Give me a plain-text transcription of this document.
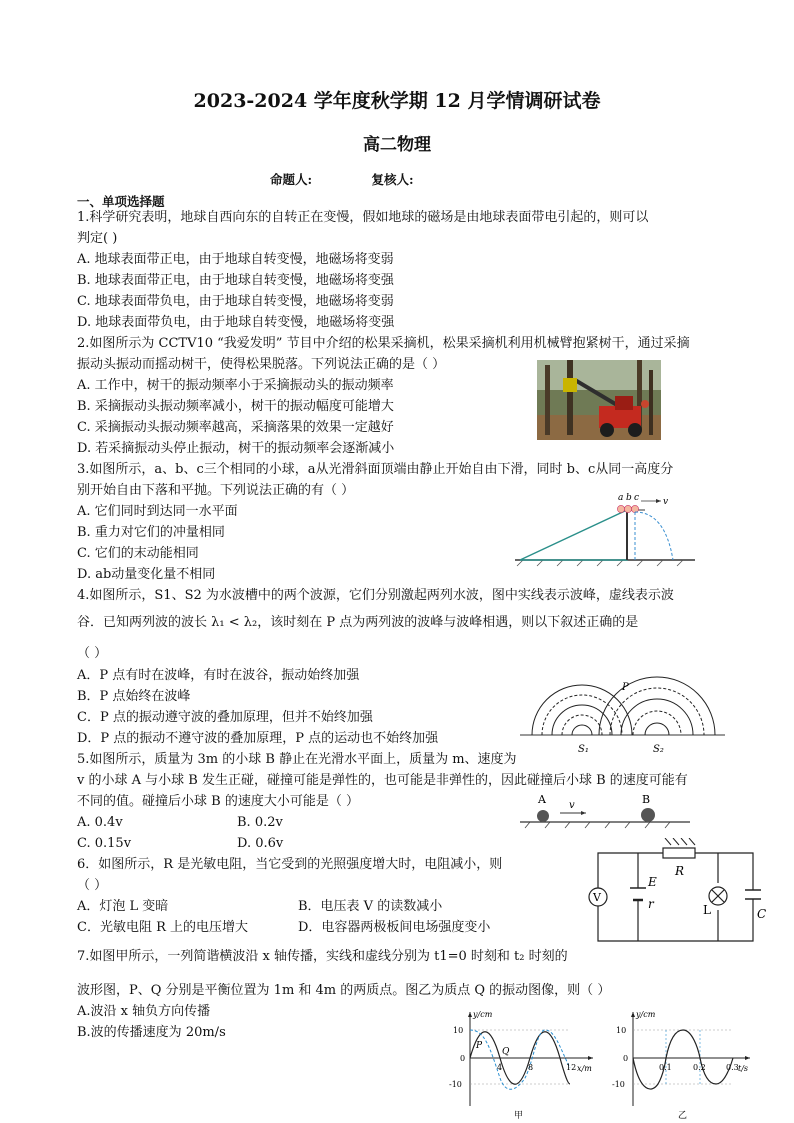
2023-2024 学年度秋学期 12 月学情调研试卷
高二物理
命题人:	复核人:
一、单项选择题
1.科学研究表明，地球自西向东的自转正在变慢，假如地球的磁场是由地球表面带电引起的，则可以
判定( )
A. 地球表面带正电，由于地球自转变慢，地磁场将变弱
B. 地球表面带正电，由于地球自转变慢，地磁场将变强
C. 地球表面带负电，由于地球自转变慢，地磁场将变弱
D. 地球表面带负电，由于地球自转变慢，地磁场将变强
2.如图所示为 CCTV10 “我爱发明” 节目中介绍的松果采摘机，松果采摘机利用机械臂抱紧树干，通过采摘
振动头振动而摇动树干，使得松果脱落。下列说法正确的是（ ）
A. 工作中，树干的振动频率小于采摘振动头的振动频率
B. 采摘振动头振动频率减小，树干的振动幅度可能增大
C. 采摘振动头振动频率越高，采摘落果的效果一定越好
D. 若采摘振动头停止振动，树干的振动频率会逐渐减小
3.如图所示，a、b、c三个相同的小球，a从光滑斜面顶端由静止开始自由下滑，同时 b、c从同一高度分
别开始自由下落和平抛。下列说法正确的有（ ）
A. 它们同时到达同一水平面
B. 重力对它们的冲量相同
C. 它们的末动能相同
D. ab动量变化量不相同
a b c	v
4.如图所示，S1、S2 为水波槽中的两个波源，它们分别激起两列水波，图中实线表示波峰，虚线表示波
谷．已知两列波的波长 λ₁ < λ₂，该时刻在 P 点为两列波的波峰与波峰相遇，则以下叙述正确的是
（ ）
A．P 点有时在波峰，有时在波谷，振动始终加强
B．P 点始终在波峰
C．P 点的振动遵守波的叠加原理，但并不始终加强
D．P 点的振动不遵守波的叠加原理，P 点的运动也不始终加强
P
S₁	S₂
5.如图所示，质量为 3m 的小球 B 静止在光滑水平面上，质量为 m、速度为
v 的小球 A 与小球 B 发生正碰，碰撞可能是弹性的，也可能是非弹性的，因此碰撞后小球 B 的速度可能有
不同的值。碰撞后小球 B 的速度大小可能是（ ）
A. 0.4v	B. 0.2v
C. 0.15v	D. 0.6v
A	B
v
6．如图所示，R 是光敏电阻，当它受到的光照强度增大时，电阻减小，则
（ ）
A．灯泡 L 变暗	B．电压表 V 的读数减小
C．光敏电阻 R 上的电压增大	D．电容器两极板间电场强度变小
V
E
r
R
L	C
7.如图甲所示，一列简谐横波沿 x 轴传播，实线和虚线分别为 t1=0 时刻和 t₂ 时刻的
波形图，P、Q 分别是平衡位置为 1m 和 4m 的两质点。图乙为质点 Q 的振动图像，则（ ）
A.波沿 x 轴负方向传播
B.波的传播速度为 20m/s
P
Q
y/cm
x/m
10
0
-10
4	8	12
甲
y/cm
t/s
10
0
-10
0.1	0.2	0.3
乙
